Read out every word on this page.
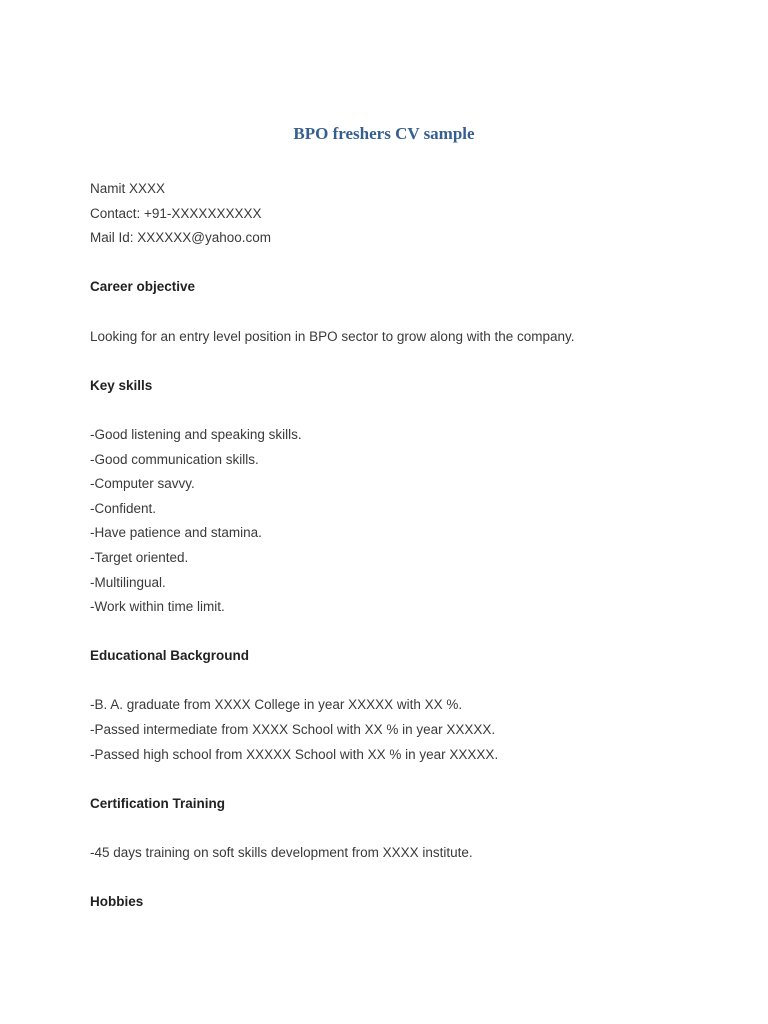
BPO freshers CV sample
Namit XXXX
Contact: +91-XXXXXXXXXX
Mail Id: XXXXXX@yahoo.com
Career objective
Looking for an entry level position in BPO sector to grow along with the company.
Key skills
-Good listening and speaking skills.
-Good communication skills.
-Computer savvy.
-Confident.
-Have patience and stamina.
-Target oriented.
-Multilingual.
-Work within time limit.
Educational Background
-B. A. graduate from XXXX College in year XXXXX with XX %.
-Passed intermediate from XXXX School with XX % in year XXXXX.
-Passed high school from XXXXX School with XX % in year XXXXX.
Certification Training
-45 days training on soft skills development from XXXX institute.
Hobbies
